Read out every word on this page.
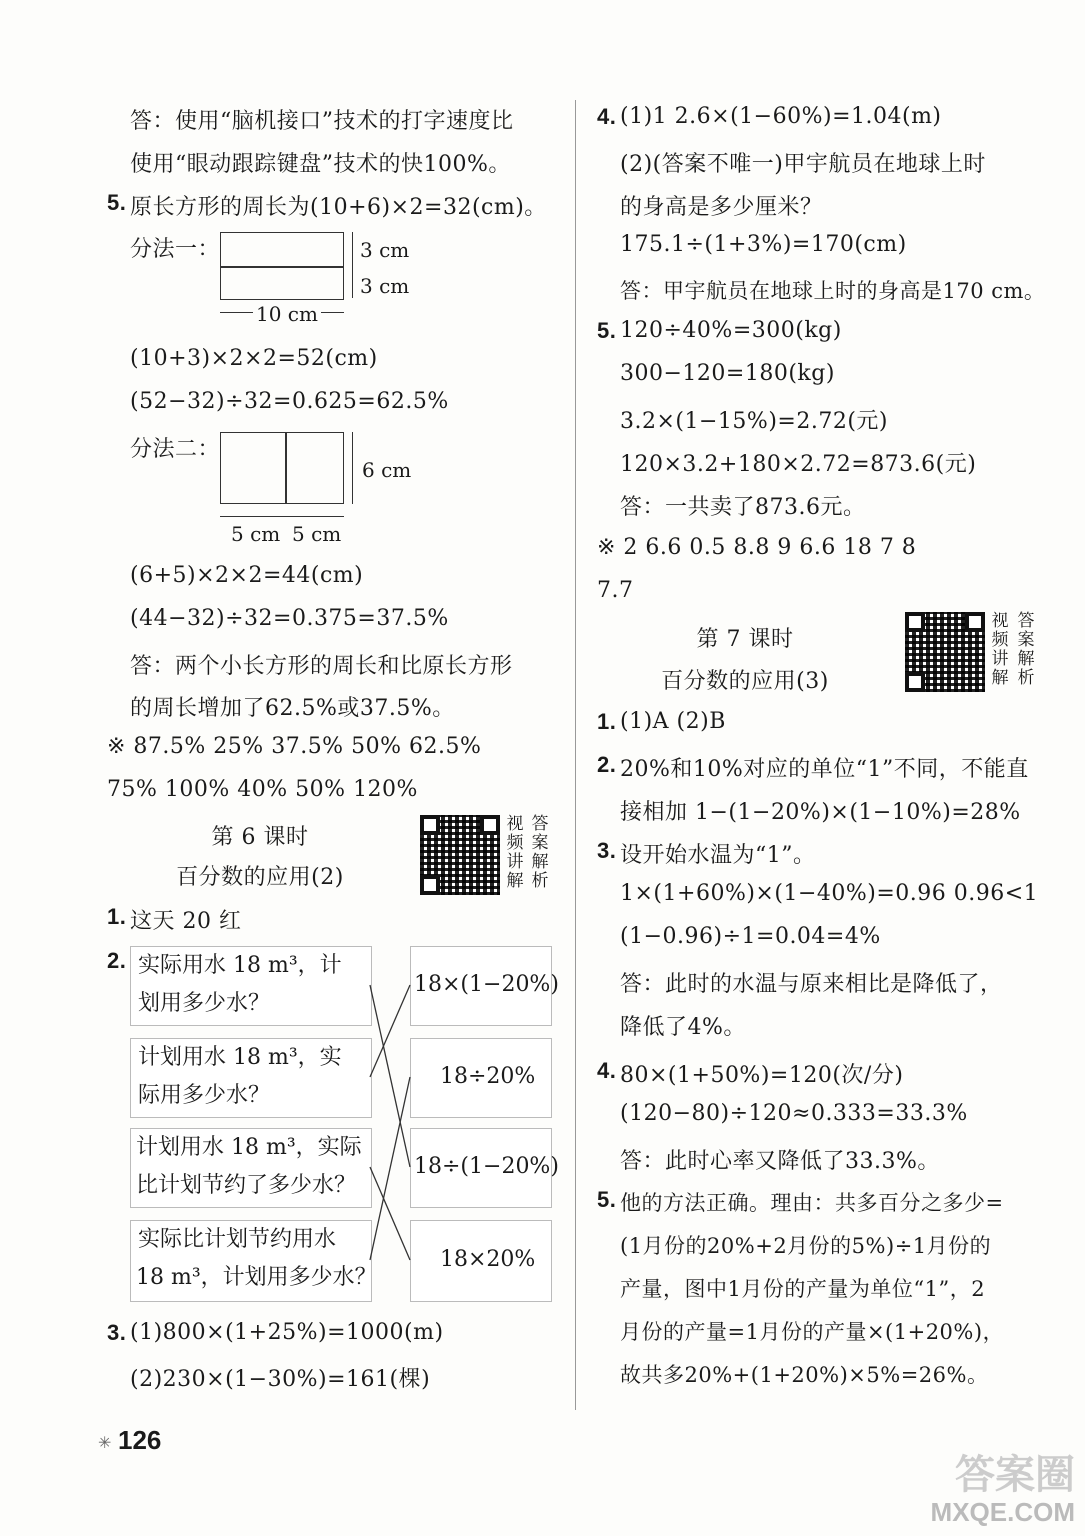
答：使用“脑机接口”技术的打字速度比
使用“眼动跟踪键盘”技术的快100%。
5. 原长方形的周长为(10+6)×2=32(cm)。
分法一：	3 cm
3 cm
10 cm
(10+3)×2×2=52(cm)
(52−32)÷32=0.625=62.5%
分法二：
6 cm
5 cm 5 cm
(6+5)×2×2=44(cm)
(44−32)÷32=0.375=37.5%
答：两个小长方形的周长和比原长方形
的周长增加了62.5%或37.5%。
※ 87.5% 25% 37.5% 50% 62.5%
75% 100% 40% 50% 120%
第 6 课时
百分数的应用(2)
视频讲解
答案解析
1. 这天 20 红
2. 实际用水 18 m³，计
划用多少水？
计划用水 18 m³，实
际用多少水？
计划用水 18 m³，实际
比计划节约了多少水？
实际比计划节约用水
18 m³，计划用多少水？
18×(1−20%)
18÷20%
18÷(1−20%)
18×20%
3. (1)800×(1+25%)=1000(m)
(2)230×(1−30%)=161(棵)
4. (1)1 2.6×(1−60%)=1.04(m)
(2)(答案不唯一)甲宇航员在地球上时
的身高是多少厘米？
175.1÷(1+3%)=170(cm)
答：甲宇航员在地球上时的身高是170 cm。
5. 120÷40%=300(kg)
300−120=180(kg)
3.2×(1−15%)=2.72(元)
120×3.2+180×2.72=873.6(元)
答：一共卖了873.6元。
※ 2 6.6 0.5 8.8 9 6.6 18 7 8
7.7
第 7 课时
百分数的应用(3)
视频讲解
答案解析
1. (1)A (2)B
2. 20%和10%对应的单位“1”不同，不能直
接相加 1−(1−20%)×(1−10%)=28%
3. 设开始水温为“1”。
1×(1+60%)×(1−40%)=0.96 0.96<1
(1−0.96)÷1=0.04=4%
答：此时的水温与原来相比是降低了，
降低了4%。
4. 80×(1+50%)=120(次/分)
(120−80)÷120≈0.333=33.3%
答：此时心率又降低了33.3%。
5. 他的方法正确。理由：共多百分之多少=
(1月份的20%+2月份的5%)÷1月份的
产量，图中1月份的产量为单位“1”，2
月份的产量=1月份的产量×(1+20%)，
故共多20%+(1+20%)×5%=26%。
✳ 126
答案圈
MXQE.COM
